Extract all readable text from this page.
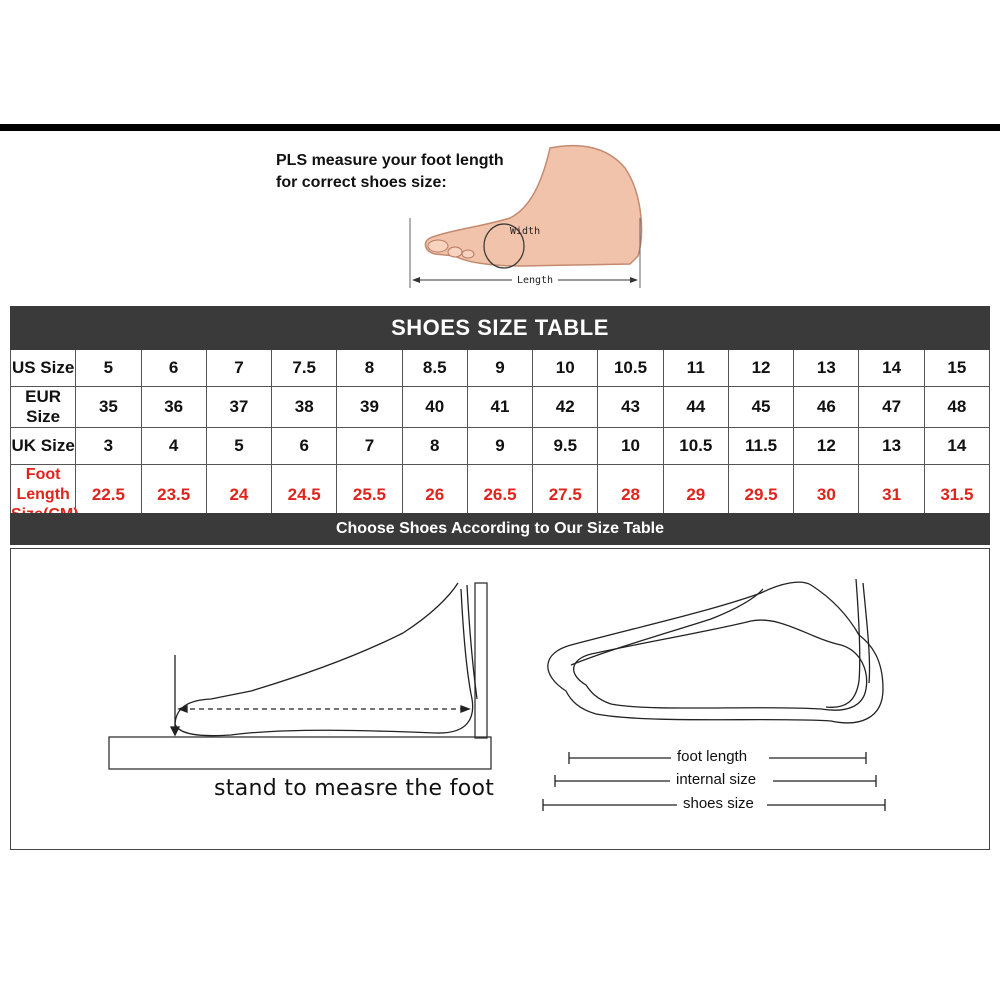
PLS measure your foot length
for correct shoes size:
Length
Width
SHOES SIZE TABLE														
US Size	5	6	7	7.5	8	8.5	9	10	10.5	11	12	13	14	15
EUR Size	35	36	37	38	39	40	41	42	43	44	45	46	47	48
UK Size	3	4	5	6	7	8	9	9.5	10	10.5	11.5	12	13	14

Foot Length	22.5	23.5	24	24.5	25.5	26	26.5	27.5	28	29	29.5	30	31	31.5
Choose Shoes According to Our Size Table
foot length
internal size
shoes size
stand to measre the foot
